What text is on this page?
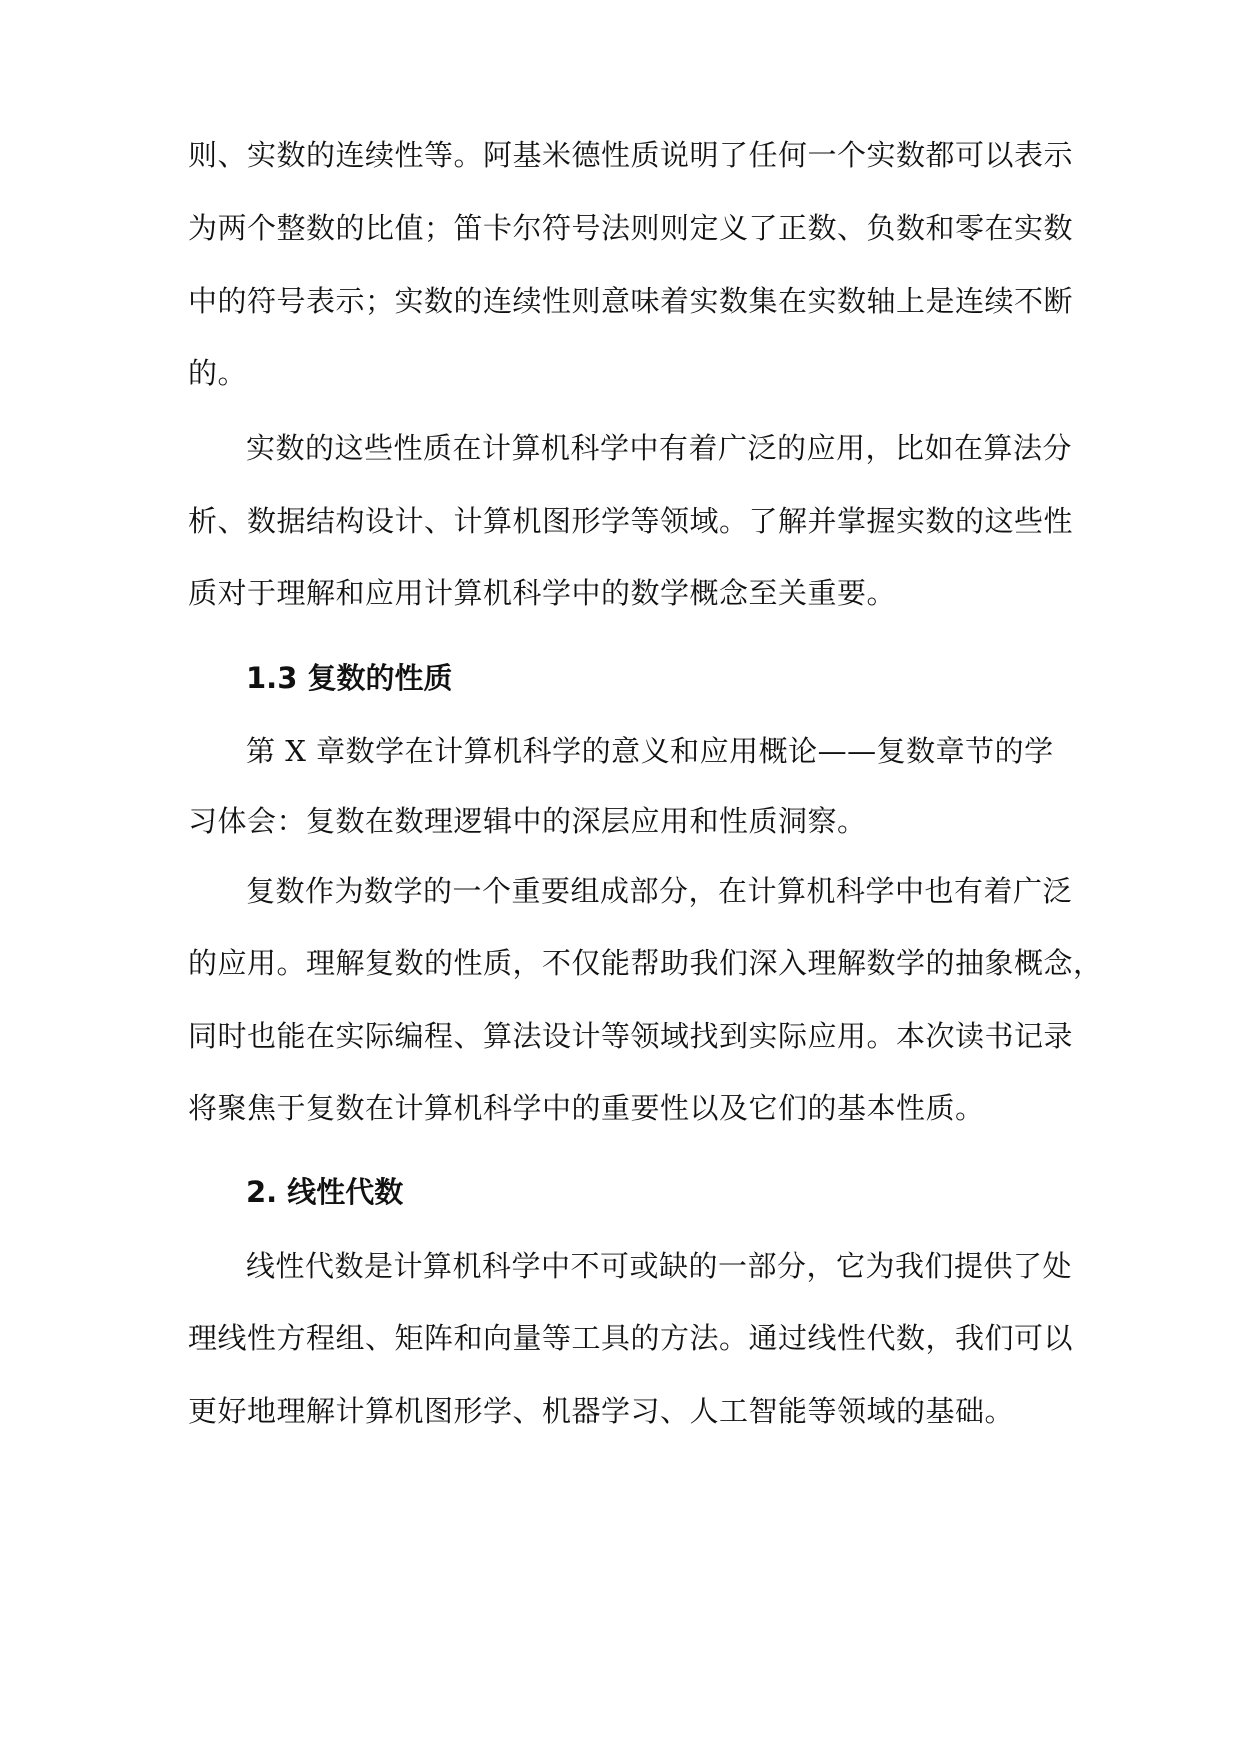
则、实数的连续性等。阿基米德性质说明了任何一个实数都可以表示
为两个整数的比值；笛卡尔符号法则则定义了正数、负数和零在实数
中的符号表示；实数的连续性则意味着实数集在实数轴上是连续不断
的。
实数的这些性质在计算机科学中有着广泛的应用，比如在算法分
析、数据结构设计、计算机图形学等领域。了解并掌握实数的这些性
质对于理解和应用计算机科学中的数学概念至关重要。
1.3 复数的性质
第 X 章数学在计算机科学的意义和应用概论——复数章节的学
习体会：复数在数理逻辑中的深层应用和性质洞察。
复数作为数学的一个重要组成部分，在计算机科学中也有着广泛
的应用。理解复数的性质，不仅能帮助我们深入理解数学的抽象概念，
同时也能在实际编程、算法设计等领域找到实际应用。本次读书记录
将聚焦于复数在计算机科学中的重要性以及它们的基本性质。
2. 线性代数
线性代数是计算机科学中不可或缺的一部分，它为我们提供了处
理线性方程组、矩阵和向量等工具的方法。通过线性代数，我们可以
更好地理解计算机图形学、机器学习、人工智能等领域的基础。
